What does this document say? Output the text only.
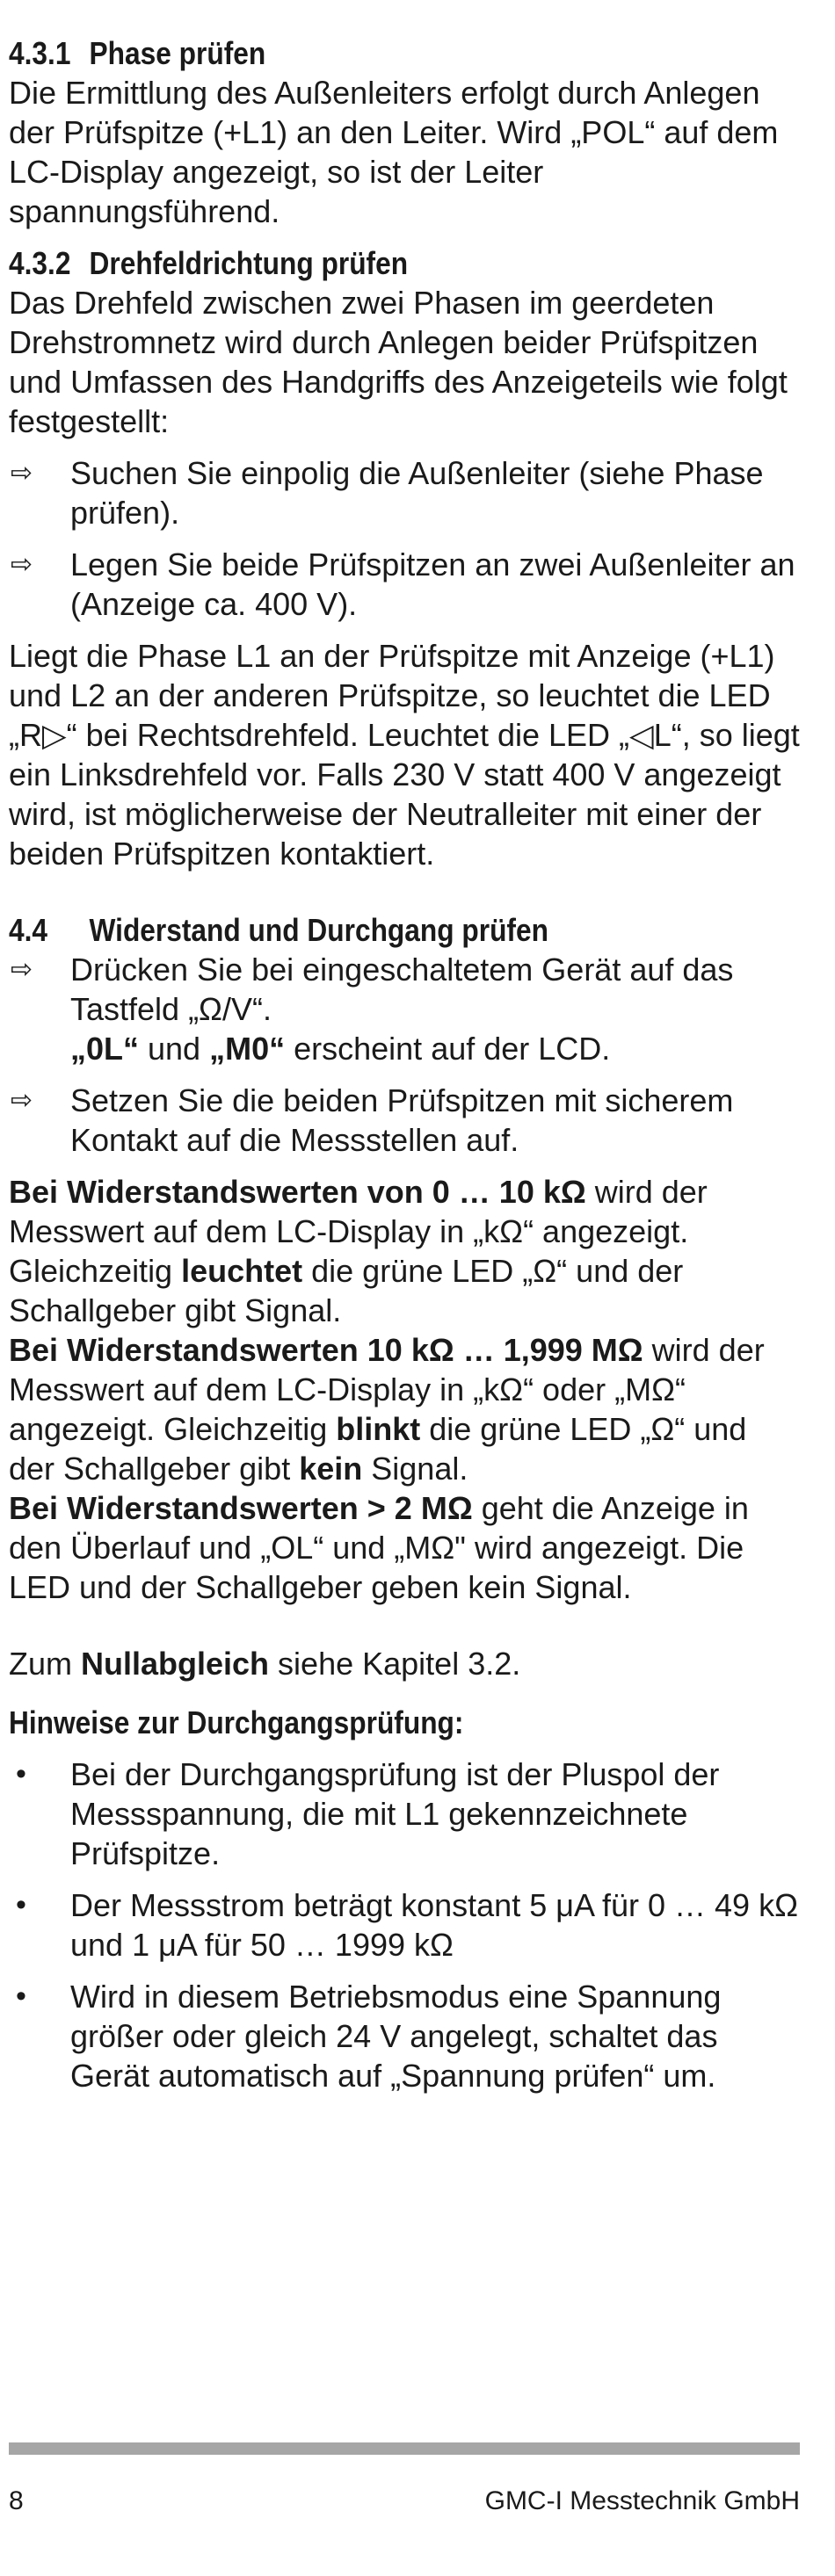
4.3.1 Phase prüfen
Die Ermittlung des Außenleiters erfolgt durch Anlegen der Prüfspitze (+L1) an den Leiter. Wird „POL“ auf dem LC-Display angezeigt, so ist der Leiter spannungsführend.
4.3.2 Drehfeldrichtung prüfen
Das Drehfeld zwischen zwei Phasen im geerdeten Drehstromnetz wird durch Anlegen beider Prüfspitzen und Umfassen des Handgriffs des Anzeigeteils wie folgt festgestellt:
⇨ Suchen Sie einpolig die Außenleiter (siehe Phase prüfen).
⇨ Legen Sie beide Prüfspitzen an zwei Außenleiter an (Anzeige ca. 400 V).
Liegt die Phase L1 an der Prüfspitze mit Anzeige (+L1) und L2 an der anderen Prüfspitze, so leuchtet die LED „R▷“ bei Rechtsdrehfeld. Leuchtet die LED „◁L“, so liegt ein Linksdrehfeld vor. Falls 230 V statt 400 V angezeigt wird, ist möglicherweise der Neutralleiter mit einer der beiden Prüfspitzen kontaktiert.
4.4 Widerstand und Durchgang prüfen
⇨ Drücken Sie bei eingeschaltetem Gerät auf das Tastfeld „Ω/V“.
„0L“ und „M0“ erscheint auf der LCD.
⇨ Setzen Sie die beiden Prüfspitzen mit sicherem Kontakt auf die Messstellen auf.
Bei Widerstandswerten von 0 … 10 kΩ wird der Messwert auf dem LC-Display in „kΩ“ angezeigt. Gleichzeitig leuchtet die grüne LED „Ω“ und der Schallgeber gibt Signal.
Bei Widerstandswerten 10 kΩ … 1,999 MΩ wird der Messwert auf dem LC-Display in „kΩ“ oder „MΩ“ angezeigt. Gleichzeitig blinkt die grüne LED „Ω“ und der Schallgeber gibt kein Signal.
Bei Widerstandswerten > 2 MΩ geht die Anzeige in den Überlauf und „OL“ und „MΩ" wird angezeigt. Die LED und der Schallgeber geben kein Signal.
Zum Nullabgleich siehe Kapitel 3.2.
Hinweise zur Durchgangsprüfung:
• Bei der Durchgangsprüfung ist der Pluspol der Messspannung, die mit L1 gekennzeichnete Prüfspitze.
• Der Messstrom beträgt konstant 5 μA für 0 … 49 kΩ und 1 μA für 50 … 1999 kΩ
• Wird in diesem Betriebsmodus eine Spannung größer oder gleich 24 V angelegt, schaltet das Gerät automatisch auf „Spannung prüfen“ um.
8	GMC-I Messtechnik GmbH
